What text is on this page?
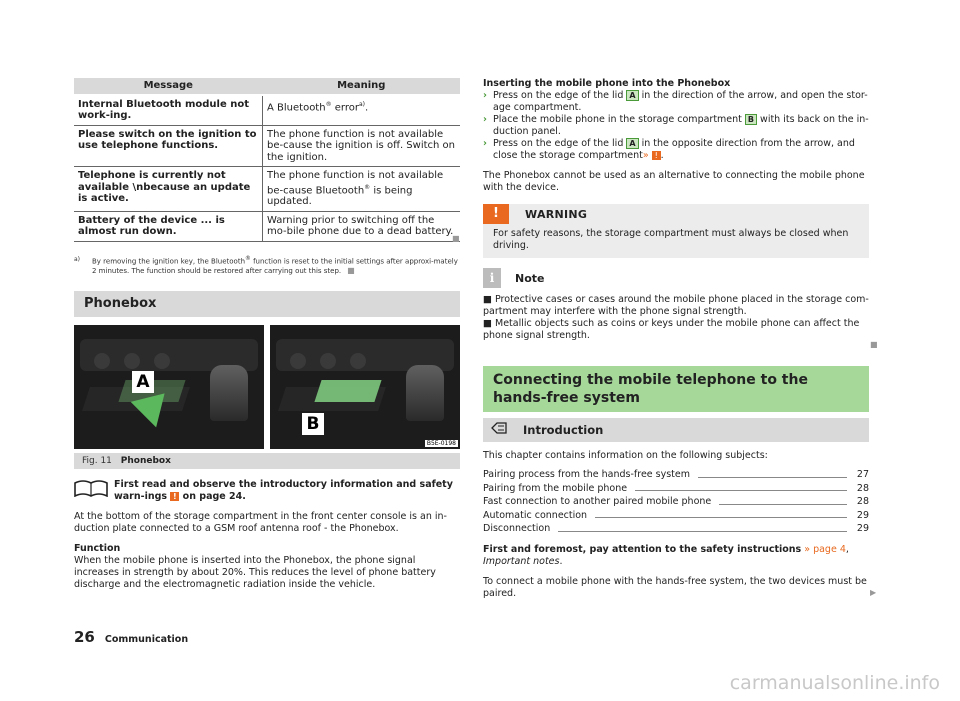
Message	Meaning
Internal Bluetooth module not work-ing.	A Bluetooth® error$^{a)}$.
Please switch on the ignition to use telephone functions.	The phone function is not available be-cause the ignition is off. Switch on the ignition.
Telephone is currently not available \nbecause an update is active.	The phone function is not available be-cause Bluetooth® is being updated.
Battery of the device ... is almost run down.	Warning prior to switching off the mo-bile phone due to a dead battery.
a)	By removing the ignition key, the Bluetooth® function is reset to the initial settings after approxi-mately 2 minutes. The function should be restored after carrying out this step. ■
Phonebox
A
B
B5E-0198
Fig. 11 Phonebox
First read and observe the introductory information and safety warn-ings ! on page 24.

At the bottom of the storage compartment in the front center console is an in-duction plate connected to a GSM roof antenna roof - the Phonebox.

Function
When the mobile phone is inserted into the Phonebox, the phone signal increases in strength by about 20%. This reduces the level of phone battery discharge and the electromagnetic radiation inside the vehicle.

Inserting the mobile phone into the Phonebox
› Press on the edge of the lid A in the direction of the arrow, and open the stor-age compartment.
› Place the mobile phone in the storage compartment B with its back on the in-duction panel.
› Press on the edge of the lid A in the opposite direction from the arrow, and close the storage compartment» ! .

The Phonebox cannot be used as an alternative to connecting the mobile phone with the device.

!	WARNING
For safety reasons, the storage compartment must always be closed when driving.
i	Note
■ Protective cases or cases around the mobile phone placed in the storage com-partment may interfere with the phone signal strength.
■ Metallic objects such as coins or keys under the mobile phone can affect the phone signal strength.
Connecting the mobile telephone to the hands-free system
Introduction

This chapter contains information on the following subjects:

Pairing process from the hands-free system	27
Pairing from the mobile phone	28
Fast connection to another paired mobile phone	28
Automatic connection	29
Disconnection	29

First and foremost, pay attention to the safety instructions » page 4, Important notes.

To connect a mobile phone with the hands-free system, the two devices must be paired.

■
■
▶
26 Communication
carmanualsonline.info
